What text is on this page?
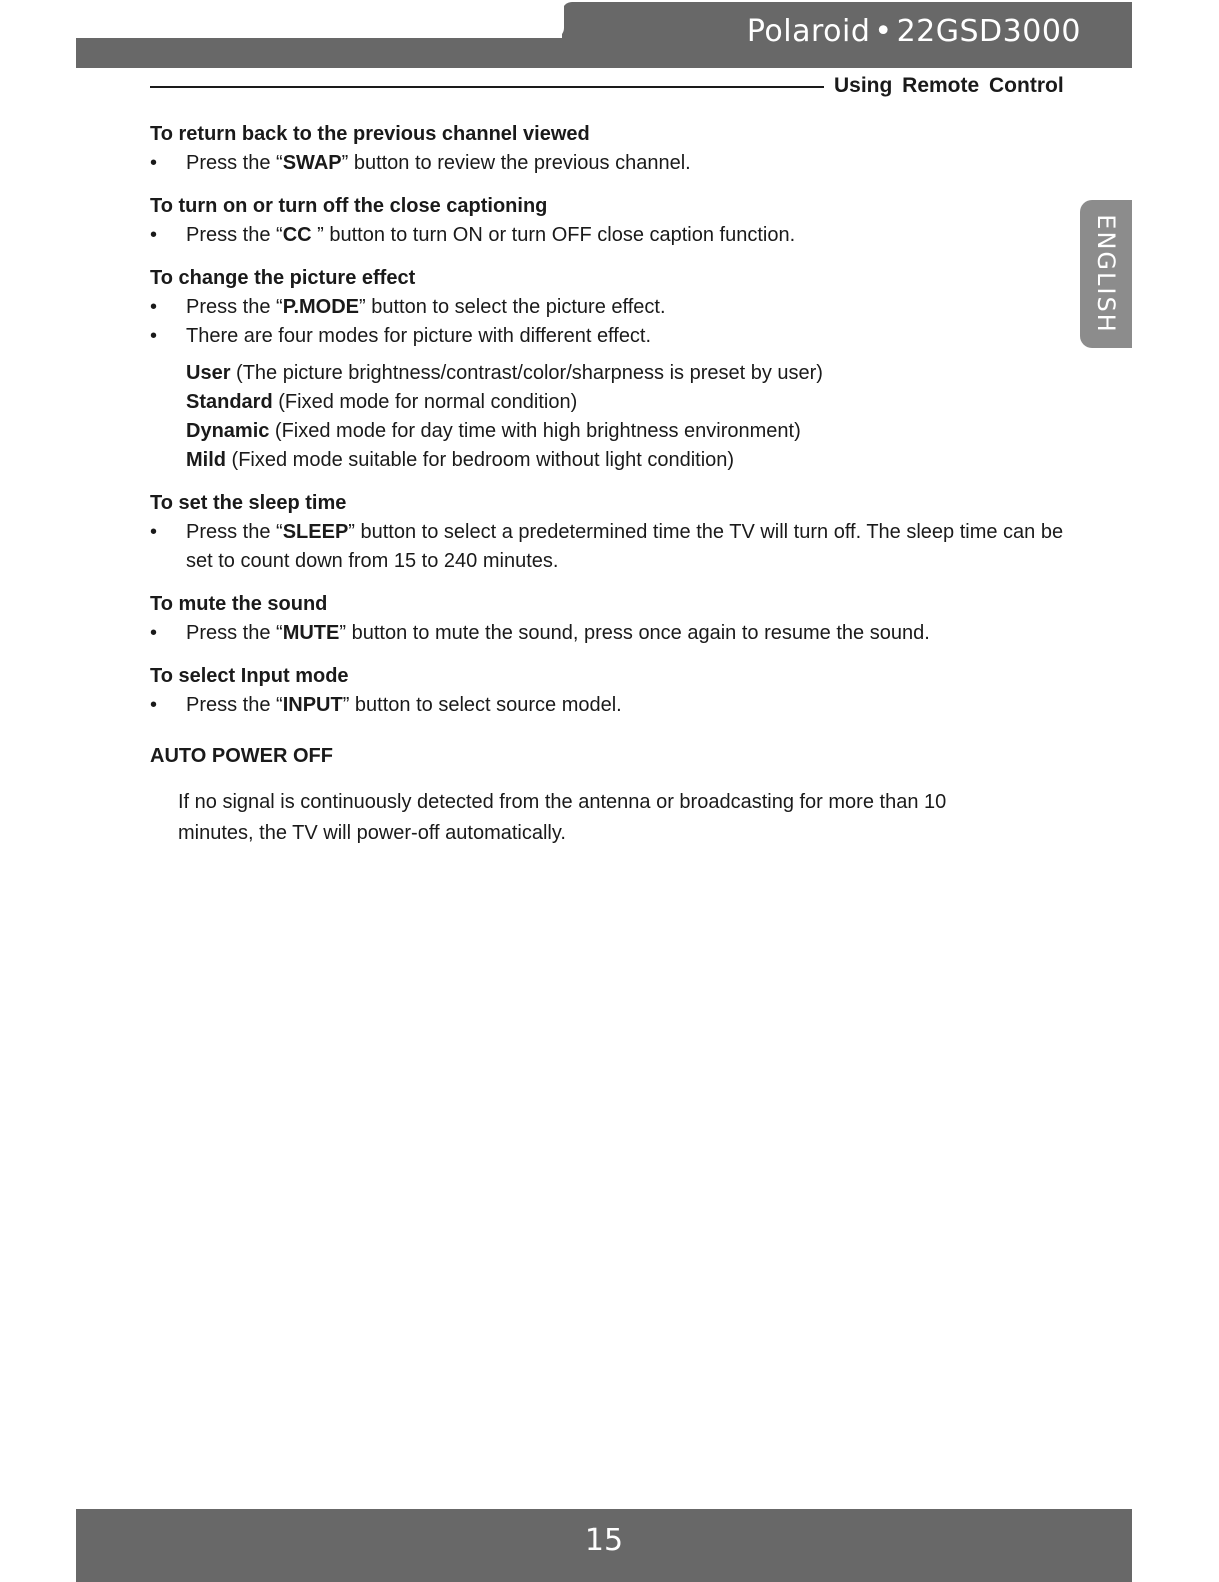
Polaroid • 22GSD3000
Using Remote Control
ENGLISH
To return back to the previous channel viewed
• Press the “SWAP” button to review the previous channel.
To turn on or turn off the close captioning
• Press the “CC ” button to turn ON or turn OFF close caption function.
To change the picture effect
• Press the “P.MODE” button to select the picture effect.
• There are four modes for picture with different effect.
User (The picture brightness/contrast/color/sharpness is preset by user)
Standard (Fixed mode for normal condition)
Dynamic (Fixed mode for day time with high brightness environment)
Mild (Fixed mode suitable for bedroom without light condition)
To set the sleep time
• Press the “SLEEP” button to select a predetermined time the TV will turn off. The sleep time can be set to count down from 15 to 240 minutes.
To mute the sound
• Press the “MUTE” button to mute the sound, press once again to resume the sound.
To select Input mode
• Press the “INPUT” button to select source model.
AUTO POWER OFF
If no signal is continuously detected from the antenna or broadcasting for more than 10 minutes, the TV will power-off automatically.
15
